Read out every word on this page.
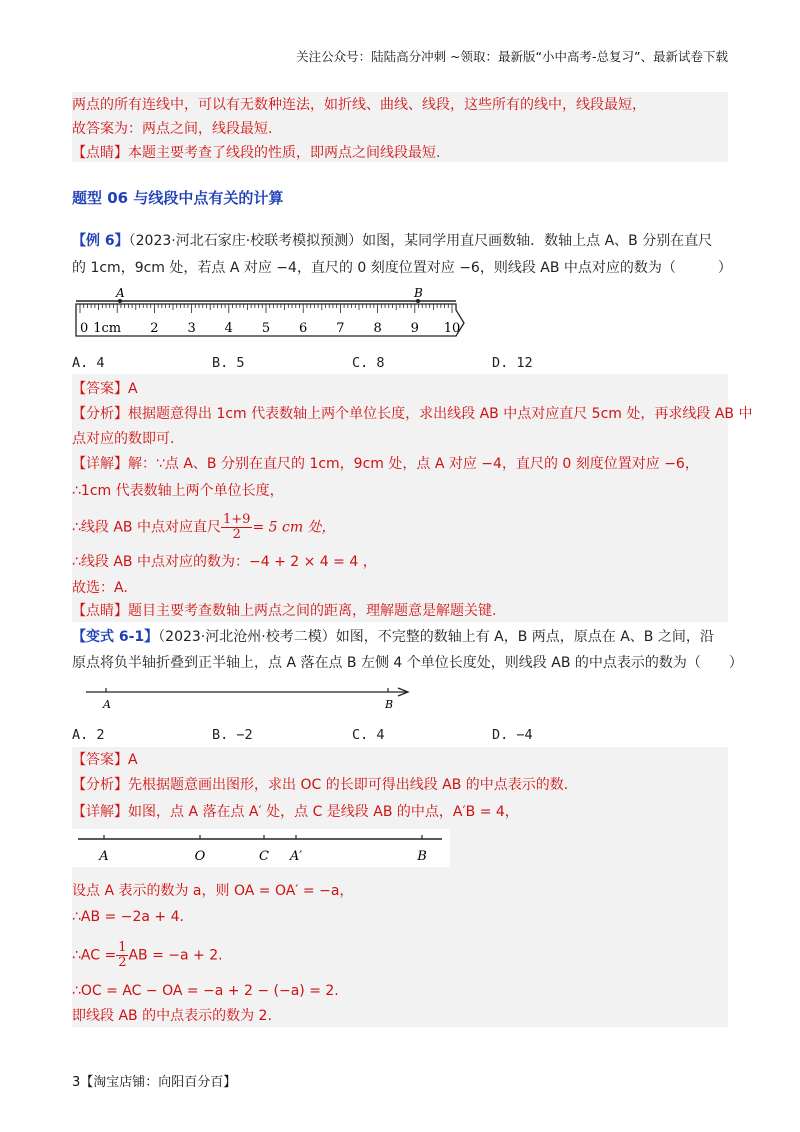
关注公众号：陆陆高分冲刺 ~领取：最新版“小中高考-总复习”、最新试卷下载
两点的所有连线中，可以有无数种连法，如折线、曲线、线段，这些所有的线中，线段最短，
故答案为：两点之间，线段最短.
【点睛】本题主要考查了线段的性质，即两点之间线段最短.
题型 06 与线段中点有关的计算
【例 6】（2023·河北石家庄·校联考模拟预测）如图，某同学用直尺画数轴．数轴上点 A、B 分别在直尺
的 1cm，9cm 处，若点 A 对应 −4，直尺的 0 刻度位置对应 −6，则线段 AB 中点对应的数为（　　　）
A	B
0 1cm 2 3 4 5 6 7 8 9 10
A. 4	B. 5	C. 8	D. 12
【答案】A
【分析】根据题意得出 1cm 代表数轴上两个单位长度，求出线段 AB 中点对应直尺 5cm 处，再求线段 AB 中
点对应的数即可.
【详解】解：∵点 A、B 分别在直尺的 1cm，9cm 处，点 A 对应 −4，直尺的 0 刻度位置对应 −6，
∴1cm 代表数轴上两个单位长度，
∴线段 AB 中点对应直尺 $\frac{1+9}{2} = 5$ cm 处，
∴线段 AB 中点对应的数为：−4 + 2 × 4 = 4 ，
故选：A.
【点睛】题目主要考查数轴上两点之间的距离，理解题意是解题关键.
【变式 6-1】（2023·河北沧州·校考二模）如图，不完整的数轴上有 A，B 两点，原点在 A、B 之间，沿
原点将负半轴折叠到正半轴上，点 A 落在点 B 左侧 4 个单位长度处，则线段 AB 的中点表示的数为（　　）
A	B
A. 2	B. −2	C. 4	D. −4
【答案】A
【分析】先根据题意画出图形，求出 OC 的长即可得出线段 AB 的中点表示的数.
【详解】如图，点 A 落在点 A′ 处，点 C 是线段 AB 的中点，A′B = 4，
A	O	C A′	B
设点 A 表示的数为 a，则 OA = OA′ = −a，
∴AB = −2a + 4.
∴AC = $\frac{1}{2}$ AB = −a + 2.
∴OC = AC − OA = −a + 2 − (−a) = 2.
即线段 AB 的中点表示的数为 2.
3【淘宝店铺：向阳百分百】
